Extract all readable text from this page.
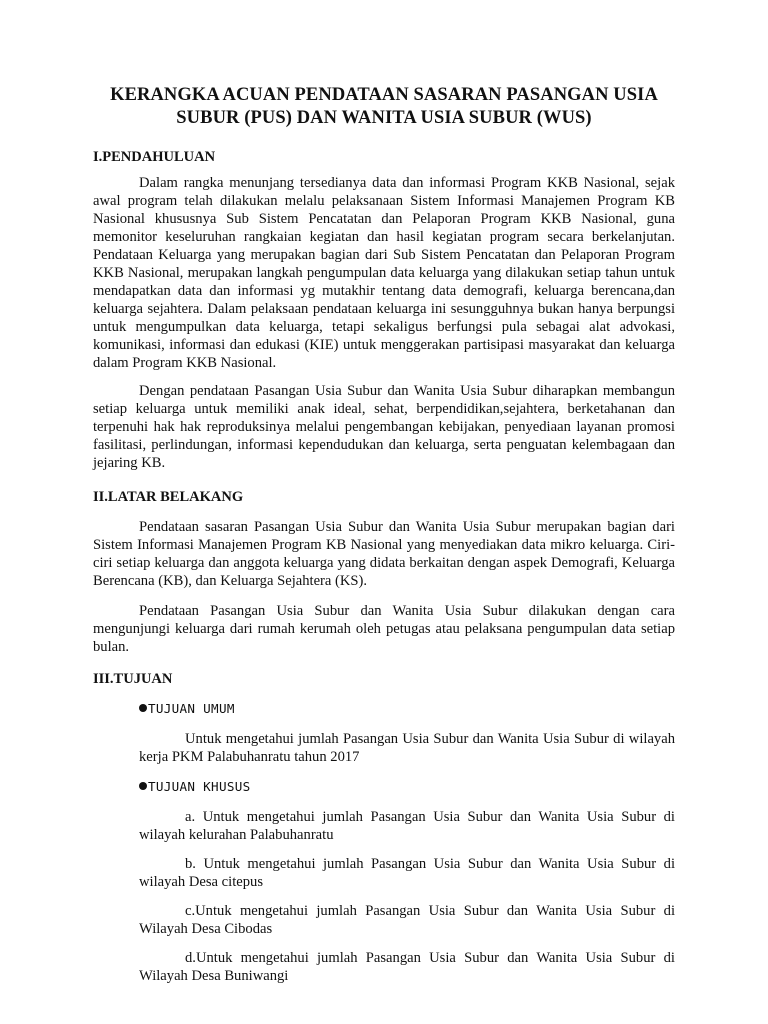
KERANGKA ACUAN PENDATAAN SASARAN PASANGAN USIA
SUBUR (PUS) DAN WANITA USIA SUBUR (WUS)
I.PENDAHULUAN

Dalam rangka menunjang tersedianya data dan informasi Program KKB Nasional, sejak awal program telah dilakukan melalu pelaksanaan Sistem Informasi Manajemen Program KB Nasional khususnya Sub Sistem Pencatatan dan Pelaporan Program KKB Nasional, guna memonitor keseluruhan rangkaian kegiatan dan hasil kegiatan program secara berkelanjutan. Pendataan Keluarga yang merupakan bagian dari Sub Sistem Pencatatan dan Pelaporan Program KKB Nasional, merupakan langkah pengumpulan data keluarga yang dilakukan setiap tahun untuk mendapatkan data dan informasi yg mutakhir tentang data demografi, keluarga berencana,dan keluarga sejahtera. Dalam pelaksaan pendataan keluarga ini sesungguhnya bukan hanya berpungsi untuk mengumpulkan data keluarga, tetapi sekaligus berfungsi pula sebagai alat advokasi, komunikasi, informasi dan edukasi (KIE) untuk menggerakan partisipasi masyarakat dan keluarga dalam Program KKB Nasional.

Dengan pendataan Pasangan Usia Subur dan Wanita Usia Subur diharapkan membangun setiap keluarga untuk memiliki anak ideal, sehat, berpendidikan,sejahtera, berketahanan dan terpenuhi hak hak reproduksinya melalui pengembangan kebijakan, penyediaan layanan promosi fasilitasi, perlindungan, informasi kependudukan dan keluarga, serta penguatan kelembagaan dan jejaring KB.

II.LATAR BELAKANG

Pendataan sasaran Pasangan Usia Subur dan Wanita Usia Subur merupakan bagian dari Sistem Informasi Manajemen Program KB Nasional yang menyediakan data mikro keluarga. Ciri-ciri setiap keluarga dan anggota keluarga yang didata berkaitan dengan aspek Demografi, Keluarga Berencana (KB), dan Keluarga Sejahtera (KS).

Pendataan Pasangan Usia Subur dan Wanita Usia Subur dilakukan dengan cara mengunjungi keluarga dari rumah kerumah oleh petugas atau pelaksana pengumpulan data setiap bulan.

III.TUJUAN
TUJUAN UMUM

Untuk mengetahui jumlah Pasangan Usia Subur dan Wanita Usia Subur di wilayah kerja PKM Palabuhanratu tahun 2017

TUJUAN KHUSUS

a. Untuk mengetahui jumlah Pasangan Usia Subur dan Wanita Usia Subur di wilayah kelurahan Palabuhanratu

b. Untuk mengetahui jumlah Pasangan Usia Subur dan Wanita Usia Subur di wilayah Desa citepus

c.Untuk mengetahui jumlah Pasangan Usia Subur dan Wanita Usia Subur di Wilayah Desa Cibodas

d.Untuk mengetahui jumlah Pasangan Usia Subur dan Wanita Usia Subur di Wilayah Desa Buniwangi
